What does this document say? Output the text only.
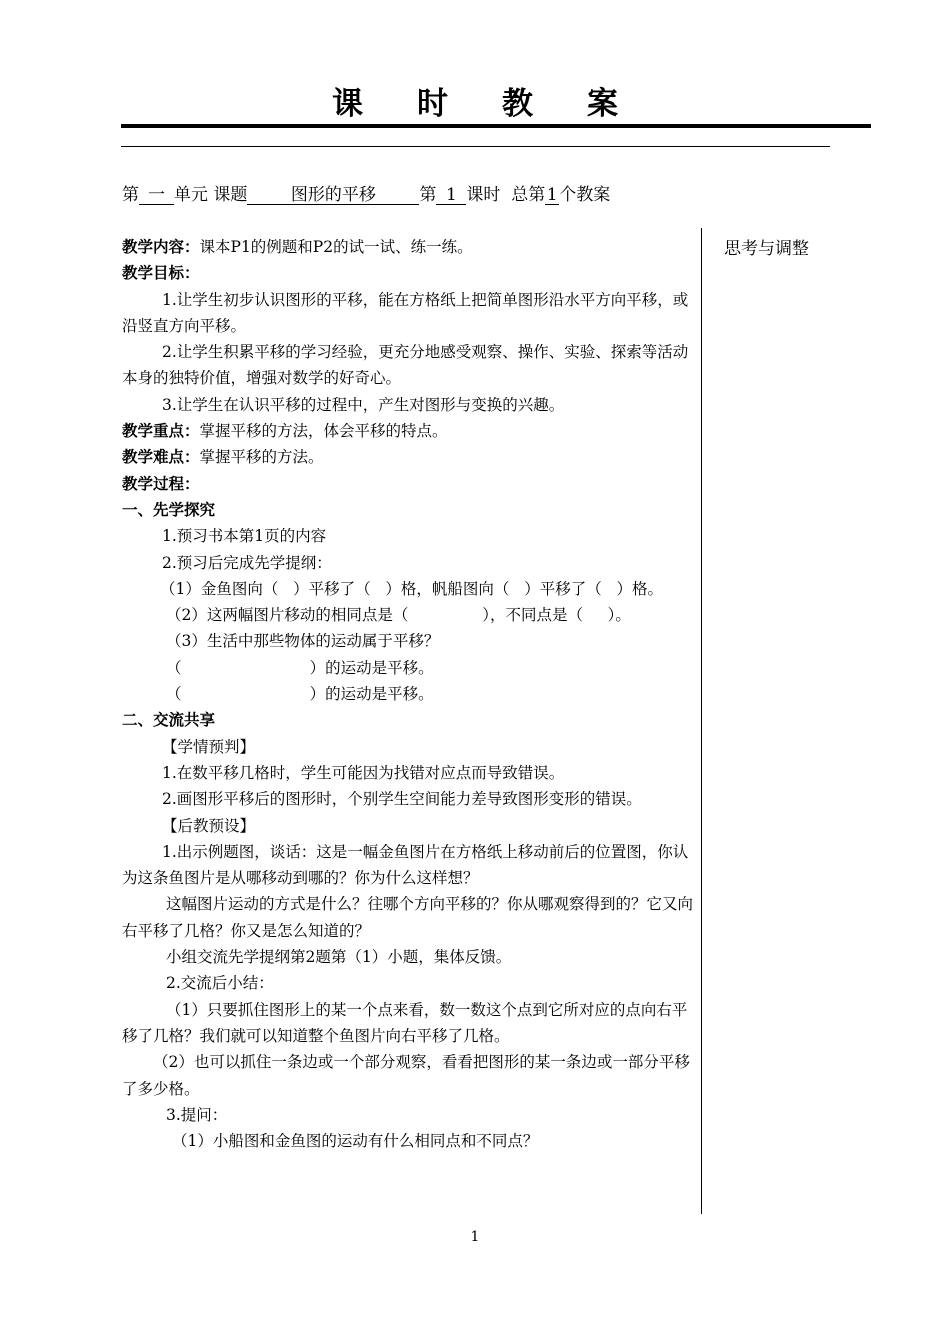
课 时 教 案
第 一 单元 课题	图形的平移	第 1 课时  总第1个教案
思考与调整

教学内容：课本P1的例题和P2的试一试、练一练。

教学目标：

1.让学生初步认识图形的平移，能在方格纸上把简单图形沿水平方向平移，或沿竖直方向平移。

2.让学生积累平移的学习经验，更充分地感受观察、操作、实验、探索等活动本身的独特价值，增强对数学的好奇心。

3.让学生在认识平移的过程中，产生对图形与变换的兴趣。

教学重点：掌握平移的方法，体会平移的特点。

教学难点：掌握平移的方法。

教学过程：

一、先学探究

1.预习书本第1页的内容

2.预习后完成先学提纲：

（1）金鱼图向（   ）平移了（   ）格，帆船图向（   ）平移了（   ）格。

（2）这两幅图片移动的相同点是（               ），不同点是（     ）。

（3）生活中那些物体的运动属于平移？

（                          ）的运动是平移。

（                          ）的运动是平移。

二、交流共享

【学情预判】

1.在数平移几格时，学生可能因为找错对应点而导致错误。

2.画图形平移后的图形时，个别学生空间能力差导致图形变形的错误。

【后教预设】

1.出示例题图，谈话：这是一幅金鱼图片在方格纸上移动前后的位置图，你认为这条鱼图片是从哪移动到哪的？你为什么这样想？

这幅图片运动的方式是什么？往哪个方向平移的？你从哪观察得到的？它又向右平移了几格？你又是怎么知道的？

小组交流先学提纲第2题第（1）小题，集体反馈。

2.交流后小结：

（1）只要抓住图形上的某一个点来看，数一数这个点到它所对应的点向右平移了几格？我们就可以知道整个鱼图片向右平移了几格。

（2）也可以抓住一条边或一个部分观察，看看把图形的某一条边或一部分平移了多少格。

3.提问：

（1）小船图和金鱼图的运动有什么相同点和不同点？

1
